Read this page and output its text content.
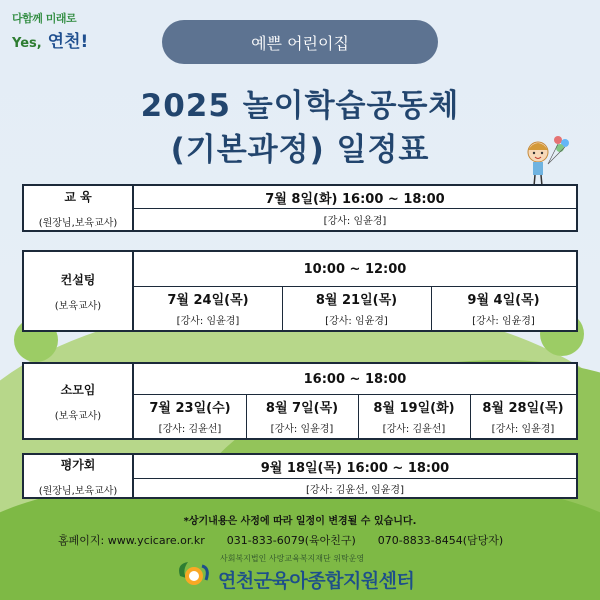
다함께 미래로
Yes, 연천!	예쁜 어린이집
2025 놀이학습공동체
(기본과정) 일정표
교 육
(원장님,보육교사)
7월 8일(화) 16:00 ~ 18:00
[강사: 임윤경]
컨설팅
(보육교사)
10:00 ~ 12:00
7월 24일(목)
[강사: 임윤경]
8월 21일(목)
[강사: 임윤경]
9월 4일(목)
[강사: 임윤경]
소모임
(보육교사)
16:00 ~ 18:00
7월 23일(수)
[강사: 김윤선]
8월 7일(목)
[강사: 임윤경]
8월 19일(화)
[강사: 김윤선]
8월 28일(목)
[강사: 임윤경]
평가회
(원장님,보육교사)
9월 18일(목) 16:00 ~ 18:00
[강사: 김윤선, 임윤경]
*상기내용은 사정에 따라 일정이 변경될 수 있습니다.
홈페이지: www.ycicare.or.kr 031-833-6079(육아친구) 070-8833-8454(담당자)
사회복지법인 사랑교육복지재단 위탁운영
연천군육아종합지원센터
